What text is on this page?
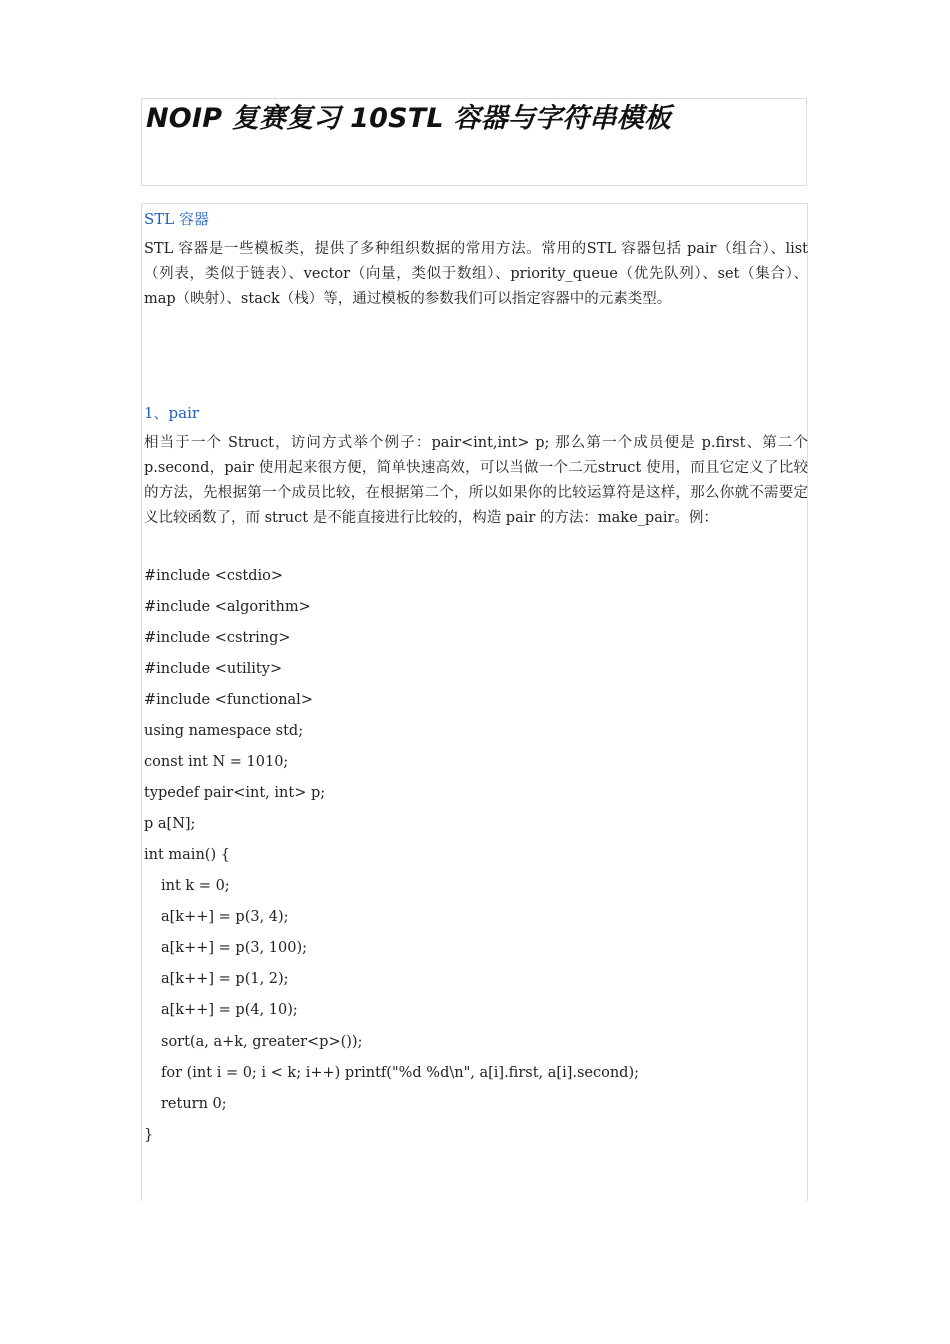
NOIP 复赛复习 10STL 容器与字符串模板
STL 容器

STL 容器是一些模板类，提供了多种组织数据的常用方法。常用的STL 容器包括 pair（组合）、list（列表，类似于链表）、vector（向量，类似于数组）、priority_queue（优先队列）、set（集合）、map（映射）、stack（栈）等，通过模板的参数我们可以指定容器中的元素类型。

1、pair

相当于一个 Struct，访问方式举个例子：pair<int,int> p; 那么第一个成员便是 p.first、第二个p.second，pair 使用起来很方便，简单快速高效，可以当做一个二元struct 使用，而且它定义了比较的方法，先根据第一个成员比较，在根据第二个，所以如果你的比较运算符是这样，那么你就不需要定义比较函数了，而 struct 是不能直接进行比较的，构造 pair 的方法：make_pair。例：

#include <cstdio>

#include <algorithm>

#include <cstring>

#include <utility>

#include <functional>

using namespace std;

const int N = 1010;

typedef pair<int, int> p;

p a[N];

int main() {

int k = 0;

a[k++] = p(3, 4);

a[k++] = p(3, 100);

a[k++] = p(1, 2);

a[k++] = p(4, 10);

sort(a, a+k, greater<p>());

for (int i = 0; i < k; i++) printf("%d %d\n", a[i].first, a[i].second);

return 0;

}
